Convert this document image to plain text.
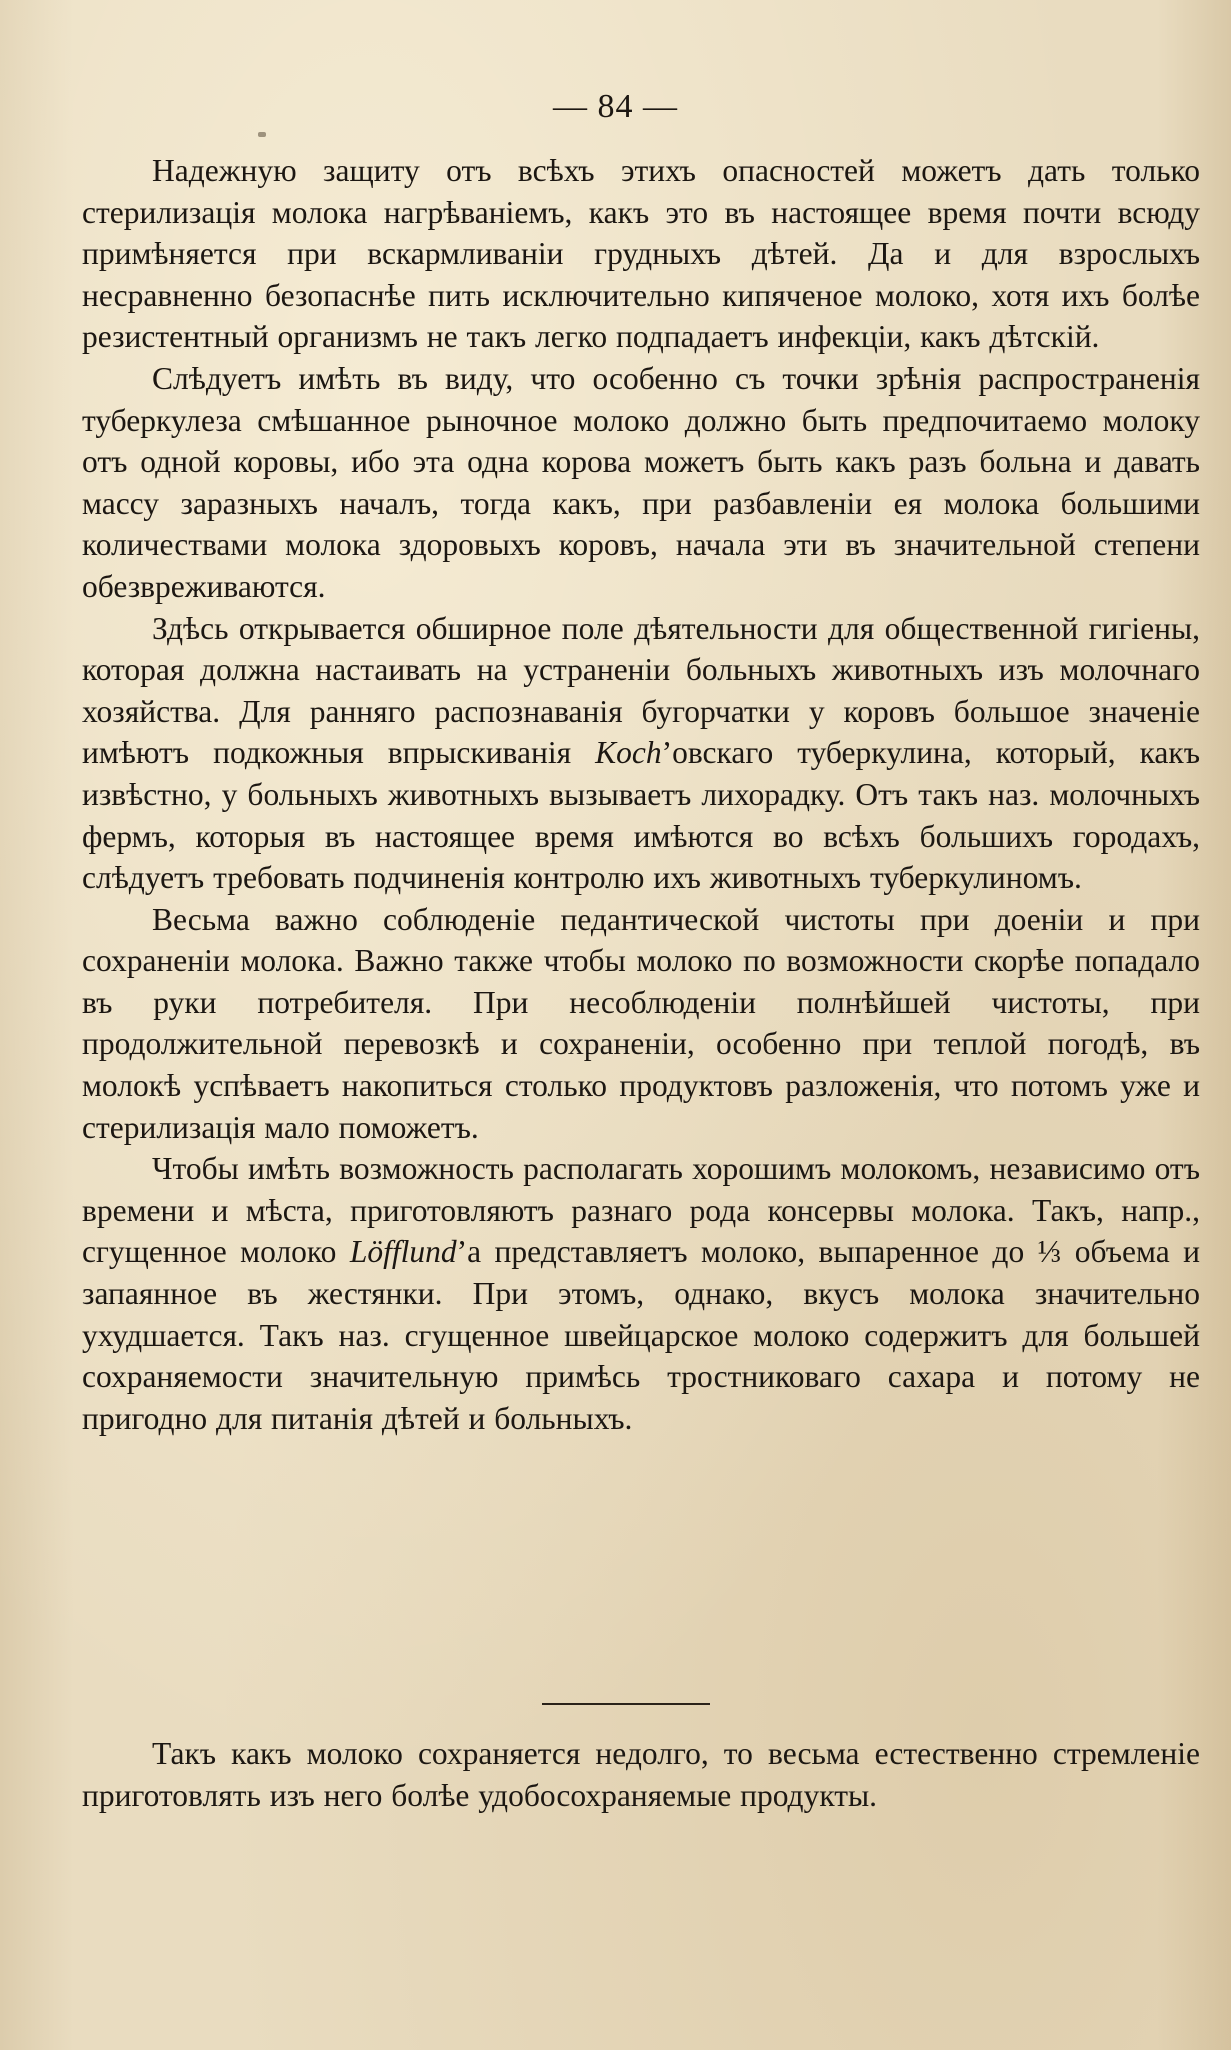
— 84 —

Надежную защиту отъ всѣхъ этихъ опасностей можетъ дать только стерилизація молока нагрѣваніемъ, какъ это въ настоящее время почти всюду примѣняется при вскармливаніи грудныхъ дѣтей. Да и для взрослыхъ несравненно безопаснѣе пить исключительно кипяченое молоко, хотя ихъ болѣе резистентный организмъ не такъ легко подпадаетъ инфекціи, какъ дѣтскій.

Слѣдуетъ имѣть въ виду, что особенно съ точки зрѣнія распространенія туберкулеза смѣшанное рыночное молоко должно быть предпочитаемо молоку отъ одной коровы, ибо эта одна корова можетъ быть какъ разъ больна и давать массу заразныхъ началъ, тогда какъ, при разбавленіи ея молока большими количествами молока здоровыхъ коровъ, начала эти въ значительной степени обезвреживаются.

Здѣсь открывается обширное поле дѣятельности для общественной гигіены, которая должна настаивать на устраненіи больныхъ животныхъ изъ молочнаго хозяйства. Для ранняго распознаванія бугорчатки у коровъ большое значеніе имѣютъ подкожныя впрыскиванія Koch’овскаго туберкулина, который, какъ извѣстно, у больныхъ животныхъ вызываетъ лихорадку. Отъ такъ наз. молочныхъ фермъ, которыя въ настоящее время имѣются во всѣхъ большихъ городахъ, слѣдуетъ требовать подчиненія контролю ихъ животныхъ туберкулиномъ.

Весьма важно соблюденіе педантической чистоты при доеніи и при сохраненіи молока. Важно также чтобы молоко по возможности скорѣе попадало въ руки потребителя. При несоблюденіи полнѣйшей чистоты, при продолжительной перевозкѣ и сохраненіи, особенно при теплой погодѣ, въ молокѣ успѣваетъ накопиться столько продуктовъ разложенія, что потомъ уже и стерилизація мало поможетъ.

Чтобы имѣть возможность располагать хорошимъ молокомъ, независимо отъ времени и мѣста, приготовляютъ разнаго рода консервы молока. Такъ, напр., сгущенное молоко Löfflund’а представляетъ молоко, выпаренное до ⅓ объема и запаянное въ жестянки. При этомъ, однако, вкусъ молока значительно ухудшается. Такъ наз. сгущенное швейцарское молоко содержитъ для большей сохраняемости значительную примѣсь тростниковаго сахара и потому не пригодно для питанія дѣтей и больныхъ.

Такъ какъ молоко сохраняется недолго, то весьма естественно стремленіе приготовлять изъ него болѣе удобосохраняемые продукты.
